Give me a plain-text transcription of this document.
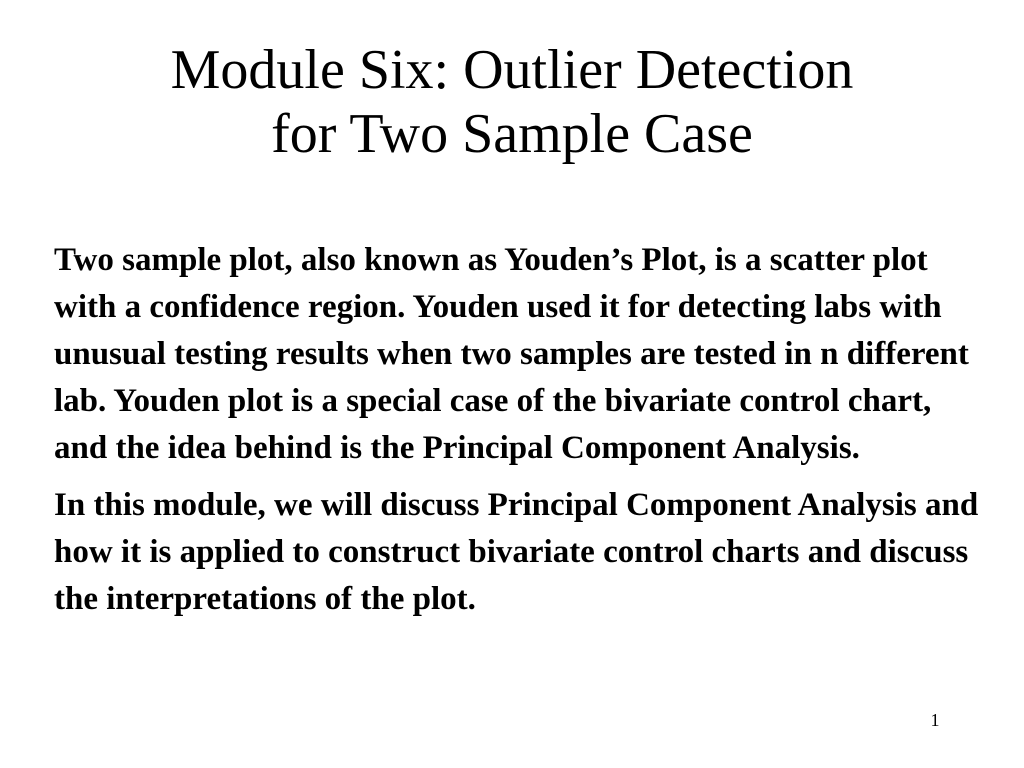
Module Six: Outlier Detection
for Two Sample Case

Two sample plot, also known as Youden’s Plot, is a scatter plot with a confidence region. Youden used it for detecting labs with unusual testing results when two samples are tested in n different lab. Youden plot is a special case of the bivariate control chart, and the idea behind is the Principal Component Analysis.

In this module, we will discuss Principal Component Analysis and how it is applied to construct bivariate control charts and discuss the interpretations of the plot.

1
